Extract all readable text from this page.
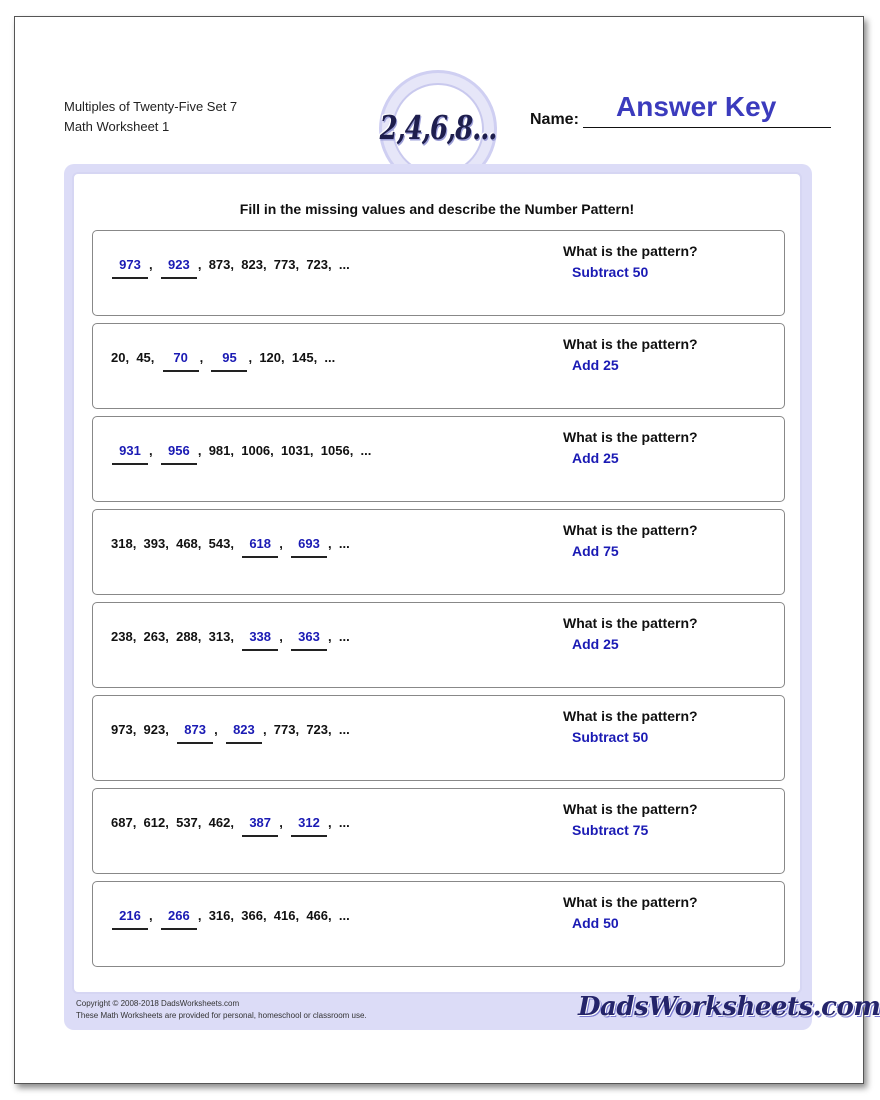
Multiples of Twenty-Five Set 7
Math Worksheet 1	2,4,6,8... Name: Answer Key
Fill in the missing values and describe the Number Pattern!
973 , 923 , 873 , 823 , 773 , 723 , ...
What is the pattern?
Subtract 50
20 , 45 , 70 , 95 , 120 , 145 , ...
What is the pattern?
Add 25
931 , 956 , 981 , 1006 , 1031 , 1056 , ...
What is the pattern?
Add 25
318 , 393 , 468 , 543 , 618 , 693 , ...
What is the pattern?
Add 75
238 , 263 , 288 , 313 , 338 , 363 , ...
What is the pattern?
Add 25
973 , 923 , 873 , 823 , 773 , 723 , ...
What is the pattern?
Subtract 50
687 , 612 , 537 , 462 , 387 , 312 , ...
What is the pattern?
Subtract 75
216 , 266 , 316 , 366 , 416 , 466 , ...
What is the pattern?
Add 50
Copyright © 2008-2018 DadsWorksheets.com
These Math Worksheets are provided for personal, homeschool or classroom use.	DadsWorksheets.com
